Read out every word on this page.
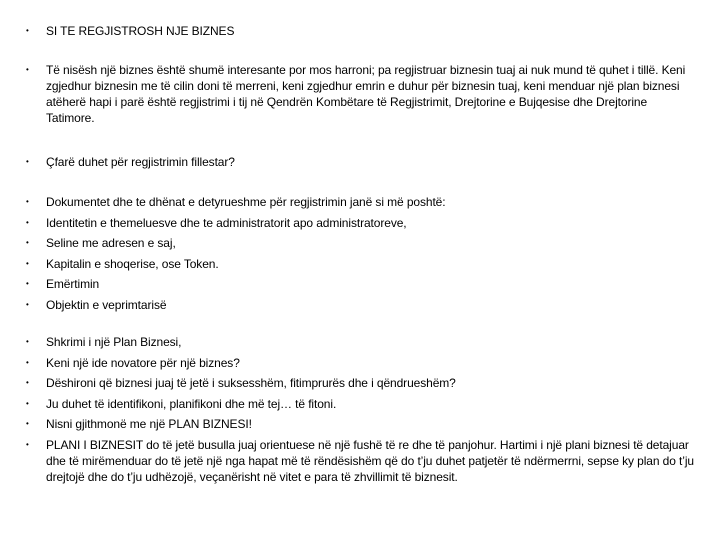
•	SI TE REGJISTROSH NJE BIZNES
•	Të nisësh një biznes është shumë interesante por mos harroni; pa regjistruar biznesin tuaj ai nuk mund të quhet i tillë. Keni zgjedhur biznesin me të cilin doni të merreni, keni zgjedhur emrin e duhur për biznesin tuaj, keni menduar një plan biznesi atëherë hapi i parë është regjistrimi i tij në Qendrën Kombëtare të Regjistrimit, Drejtorine e Bujqesise dhe Drejtorine Tatimore.
•	Çfarë duhet për regjistrimin fillestar?
•	Dokumentet dhe te dhënat e detyrueshme për regjistrimin janë si më poshtë:
•	Identitetin e themeluesve dhe te administratorit apo administratoreve,
•	Seline me adresen e saj,
•	Kapitalin e shoqerise, ose Token.
•	Emërtimin
•	Objektin e veprimtarisë
•	Shkrimi i një Plan Biznesi,
•	Keni një ide novatore për një biznes?
•	Dëshironi që biznesi juaj të jetë i suksesshëm, fitimprurës dhe i qëndrueshëm?
•	Ju duhet të identifikoni, planifikoni dhe më tej… të fitoni.
•	Nisni gjithmonë me një PLAN BIZNESI!
•	PLANI I BIZNESIT do të jetë busulla juaj orientuese në një fushë të re dhe të panjohur. Hartimi i një plani biznesi të detajuar dhe të mirëmenduar do të jetë një nga hapat më të rëndësishëm që do t’ju duhet patjetër të ndërmerrni, sepse ky plan do t’ju drejtojë dhe do t’ju udhëzojë, veçanërisht në vitet e para të zhvillimit të biznesit.
